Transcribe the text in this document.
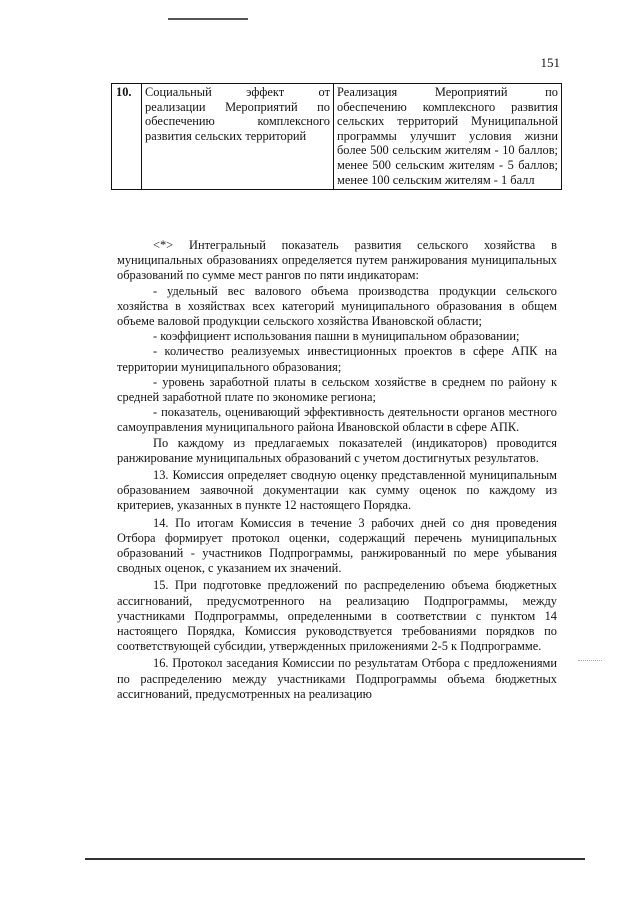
151
10.	Социальный эффект от реализации Мероприятий по обеспечению комплексного развития сельских территорий	Реализация Мероприятий по обеспечению комплексного развития сельских территорий Муниципальной программы улучшит условия жизни более 500 сельским жителям - 10 баллов; менее 500 сельским жителям - 5 баллов; менее 100 сельским жителям - 1 балл

<*> Интегральный показатель развития сельского хозяйства в муниципальных образованиях определяется путем ранжирования муниципальных образований по сумме мест рангов по пяти индикаторам:

- удельный вес валового объема производства продукции сельского хозяйства в хозяйствах всех категорий муниципального образования в общем объеме валовой продукции сельского хозяйства Ивановской области;

- коэффициент использования пашни в муниципальном образовании;

- количество реализуемых инвестиционных проектов в сфере АПК на территории муниципального образования;

- уровень заработной платы в сельском хозяйстве в среднем по району к средней заработной плате по экономике региона;

- показатель, оценивающий эффективность деятельности органов местного самоуправления муниципального района Ивановской области в сфере АПК.

По каждому из предлагаемых показателей (индикаторов) проводится ранжирование муниципальных образований с учетом достигнутых результатов.

13. Комиссия определяет сводную оценку представленной муниципальным образованием заявочной документации как сумму оценок по каждому из критериев, указанных в пункте 12 настоящего Порядка.

14. По итогам Комиссия в течение 3 рабочих дней со дня проведения Отбора формирует протокол оценки, содержащий перечень муниципальных образований - участников Подпрограммы, ранжированный по мере убывания сводных оценок, с указанием их значений.

15. При подготовке предложений по распределению объема бюджетных ассигнований, предусмотренного на реализацию Подпрограммы, между участниками Подпрограммы, определенными в соответствии с пунктом 14 настоящего Порядка, Комиссия руководствуется требованиями порядков по соответствующей субсидии, утвержденных приложениями 2-5 к Подпрограмме.

16. Протокол заседания Комиссии по результатам Отбора с предложениями по распределению между участниками Подпрограммы объема бюджетных ассигнований, предусмотренных на реализацию
